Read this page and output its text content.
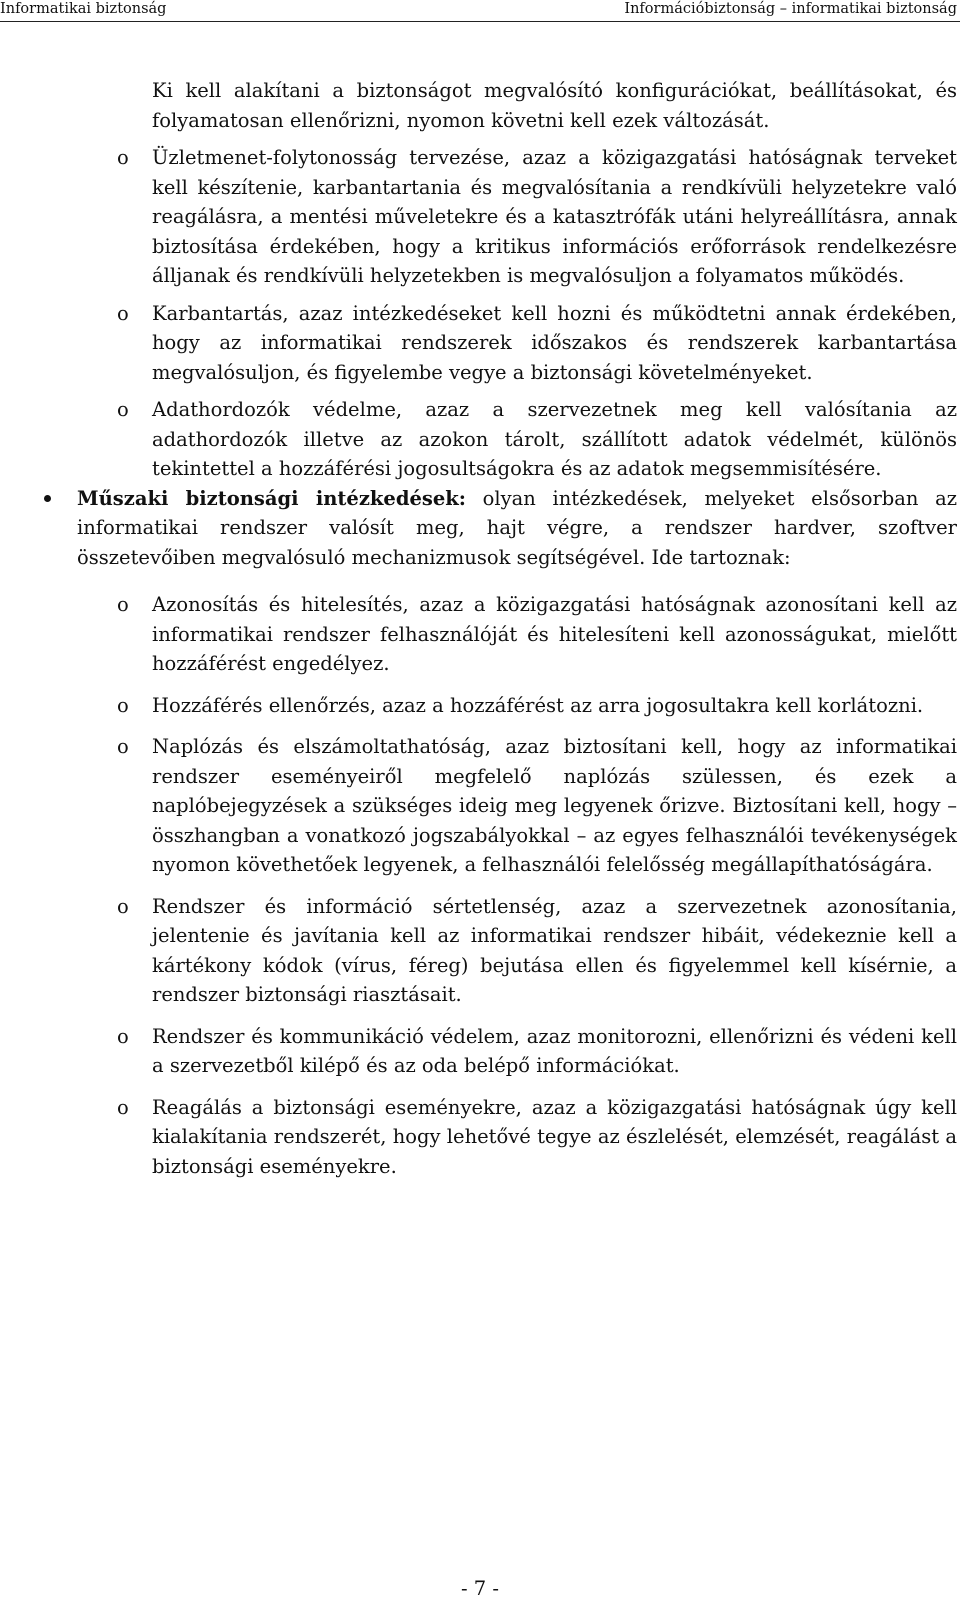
Informatikai biztonság	Információbiztonság – informatikai biztonság

Ki kell alakítani a biztonságot megvalósító konfigurációkat, beállításokat, és folyamatosan ellenőrizni, nyomon követni kell ezek változását.

o Üzletmenet-folytonosság tervezése, azaz a közigazgatási hatóságnak terveket kell készítenie, karbantartania és megvalósítania a rendkívüli helyzetekre való reagálásra, a mentési műveletekre és a katasztrófák utáni helyreállításra, annak biztosítása érdekében, hogy a kritikus információs erőforrások rendelkezésre álljanak és rendkívüli helyzetekben is megvalósuljon a folyamatos működés.
o Karbantartás, azaz intézkedéseket kell hozni és működtetni annak érdekében, hogy az informatikai rendszerek időszakos és rendszerek karbantartása megvalósuljon, és figyelembe vegye a biztonsági követelményeket.
o Adathordozók védelme, azaz a szervezetnek meg kell valósítania az adathordozók illetve az azokon tárolt, szállított adatok védelmét, különös tekintettel a hozzáférési jogosultságokra és az adatok megsemmisítésére.
Műszaki biztonsági intézkedések: olyan intézkedések, melyeket elsősorban az informatikai rendszer valósít meg, hajt végre, a rendszer hardver, szoftver összetevőiben megvalósuló mechanizmusok segítségével. Ide tartoznak:
o Azonosítás és hitelesítés, azaz a közigazgatási hatóságnak azonosítani kell az informatikai rendszer felhasználóját és hitelesíteni kell azonosságukat, mielőtt hozzáférést engedélyez.
o Hozzáférés ellenőrzés, azaz a hozzáférést az arra jogosultakra kell korlátozni.
o Naplózás és elszámoltathatóság, azaz biztosítani kell, hogy az informatikai rendszer eseményeiről megfelelő naplózás szülessen, és ezek a naplóbejegyzések a szükséges ideig meg legyenek őrizve. Biztosítani kell, hogy – összhangban a vonatkozó jogszabályokkal – az egyes felhasználói tevékenységek nyomon követhetőek legyenek, a felhasználói felelősség megállapíthatóságára.
o Rendszer és információ sértetlenség, azaz a szervezetnek azonosítania, jelentenie és javítania kell az informatikai rendszer hibáit, védekeznie kell a kártékony kódok (vírus, féreg) bejutása ellen és figyelemmel kell kísérnie, a rendszer biztonsági riasztásait.
o Rendszer és kommunikáció védelem, azaz monitorozni, ellenőrizni és védeni kell a szervezetből kilépő és az oda belépő információkat.
o Reagálás a biztonsági eseményekre, azaz a közigazgatási hatóságnak úgy kell kialakítania rendszerét, hogy lehetővé tegye az észlelését, elemzését, reagálást a biztonsági eseményekre.
- 7 -
